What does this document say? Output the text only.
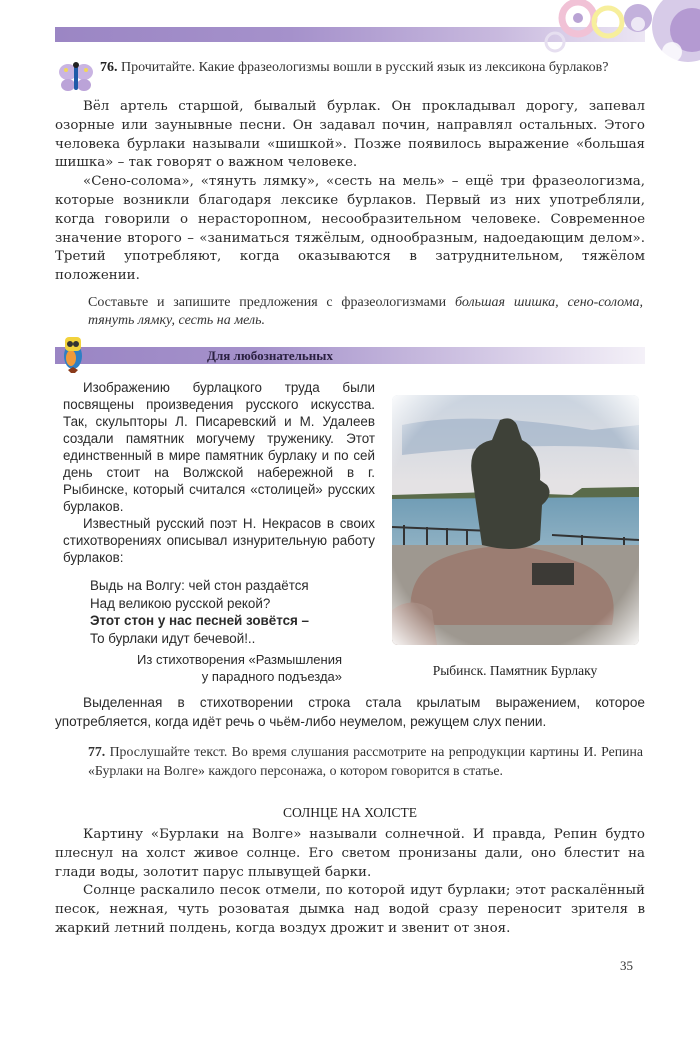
76. Прочитайте. Какие фразеологизмы вошли в русский язык из лексикона бурлаков?

Вёл артель старшой, бывалый бурлак. Он прокладывал дорогу, запевал озорные или заунывные песни. Он задавал почин, направлял остальных. Этого человека бурлаки называли «шишкой». Позже появилось выражение «большая шишка» – так говорят о важном человеке.

«Сено-солома», «тянуть лямку», «сесть на мель» – ещё три фразеологизма, которые возникли благодаря лексике бурлаков. Первый из них употребляли, когда говорили о нерасторопном, несообразительном человеке. Современное значение второго – «заниматься тяжёлым, однообразным, надоедающим делом». Третий употребляют, когда оказываются в затруднительном, тяжёлом положении.

Составьте и запишите предложения с фразеологизмами большая шишка, сено-солома, тянуть лямку, сесть на мель.
Для любознательных

Изображению бурлацкого труда были посвящены произведения русского искусства. Так, скульпторы Л. Писаревский и М. Удалеев создали памятник могучему труженику. Этот единственный в мире памятник бурлаку и по сей день стоит на Волжской набережной в г. Рыбинске, который считался «столицей» русских бурлаков.

Известный русский поэт Н. Некрасов в своих стихотворениях описывал изнурительную работу бурлаков:

Выдь на Волгу: чей стон раздаётся
Над великою русской рекой?
Этот стон у нас песней зовётся –
То бурлаки идут бечевой!..
Из стихотворения «Размышления
у парадного подъезда»	Рыбинск. Памятник Бурлаку

Выделенная в стихотворении строка стала крылатым выражением, которое употребляется, когда идёт речь о чьём-либо неумелом, режущем слух пении.

77. Прослушайте текст. Во время слушания рассмотрите на репродукции картины И. Репина «Бурлаки на Волге» каждого персонажа, о котором говорится в статье.
СОЛНЦЕ НА ХОЛСТЕ

Картину «Бурлаки на Волге» называли солнечной. И правда, Репин будто плеснул на холст живое солнце. Его светом пронизаны дали, оно блестит на глади воды, золотит парус плывущей барки.

Солнце раскалило песок отмели, по которой идут бурлаки; этот раскалённый песок, нежная, чуть розоватая дымка над водой сразу переносит зрителя в жаркий летний полдень, когда воздух дрожит и звенит от зноя.

35
